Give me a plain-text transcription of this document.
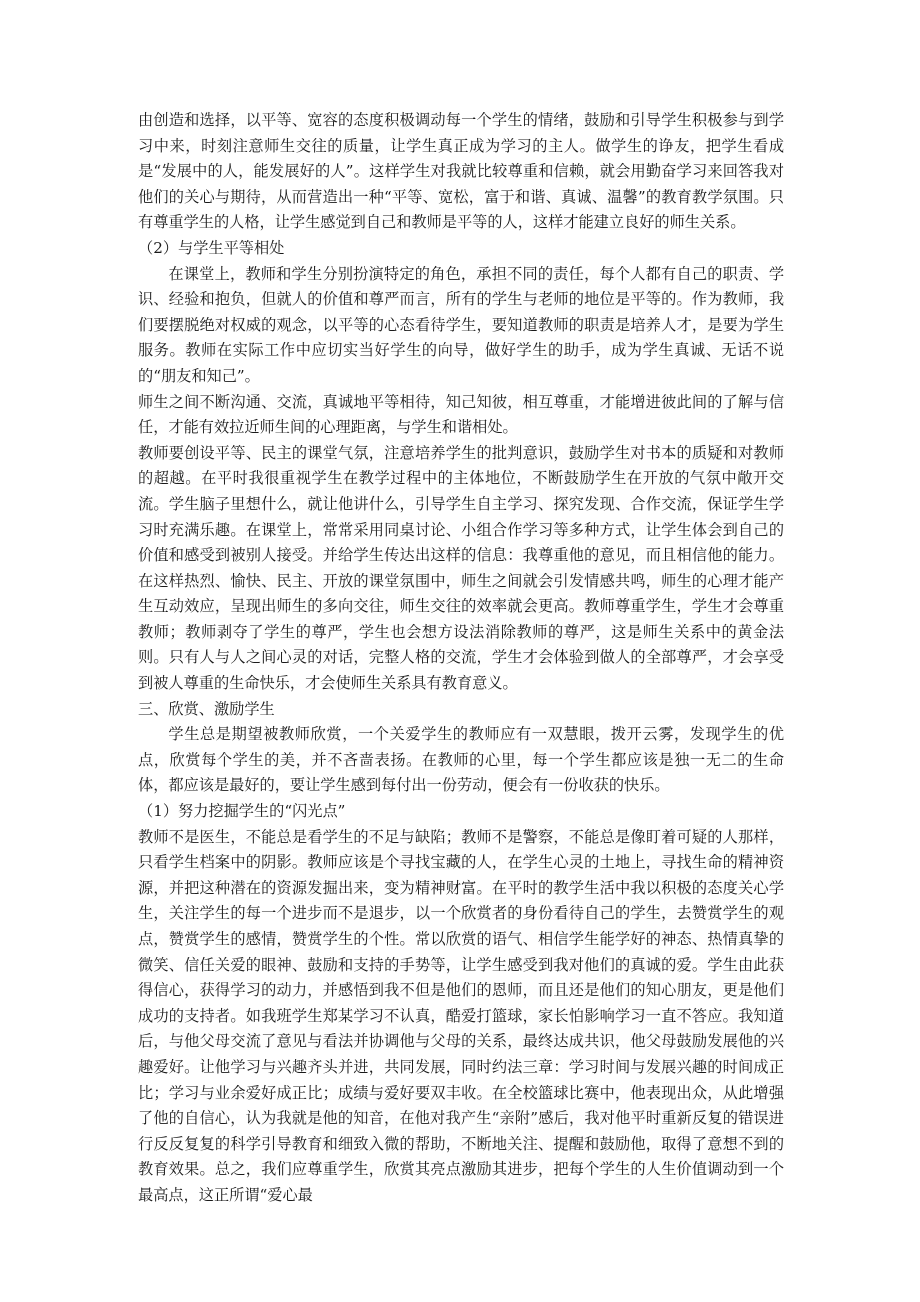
由创造和选择，以平等、宽容的态度积极调动每一个学生的情绪，鼓励和引导学生积极参与到学习中来，时刻注意师生交往的质量，让学生真正成为学习的主人。做学生的诤友，把学生看成是“发展中的人，能发展好的人”。这样学生对我就比较尊重和信赖，就会用勤奋学习来回答我对他们的关心与期待，从而营造出一种“平等、宽松，富于和谐、真诚、温馨”的教育教学氛围。只有尊重学生的人格，让学生感觉到自己和教师是平等的人，这样才能建立良好的师生关系。

（2）与学生平等相处

在课堂上，教师和学生分别扮演特定的角色，承担不同的责任，每个人都有自己的职责、学识、经验和抱负，但就人的价值和尊严而言，所有的学生与老师的地位是平等的。作为教师，我们要摆脱绝对权威的观念，以平等的心态看待学生，要知道教师的职责是培养人才，是要为学生服务。教师在实际工作中应切实当好学生的向导，做好学生的助手，成为学生真诚、无话不说的“朋友和知己”。

师生之间不断沟通、交流，真诚地平等相待，知己知彼，相互尊重，才能增进彼此间的了解与信任，才能有效拉近师生间的心理距离，与学生和谐相处。

教师要创设平等、民主的课堂气氛，注意培养学生的批判意识，鼓励学生对书本的质疑和对教师的超越。在平时我很重视学生在教学过程中的主体地位，不断鼓励学生在开放的气氛中敞开交流。学生脑子里想什么，就让他讲什么，引导学生自主学习、探究发现、合作交流，保证学生学习时充满乐趣。在课堂上，常常采用同桌讨论、小组合作学习等多种方式，让学生体会到自己的价值和感受到被别人接受。并给学生传达出这样的信息：我尊重他的意见，而且相信他的能力。在这样热烈、愉快、民主、开放的课堂氛围中，师生之间就会引发情感共鸣，师生的心理才能产生互动效应，呈现出师生的多向交往，师生交往的效率就会更高。教师尊重学生，学生才会尊重教师；教师剥夺了学生的尊严，学生也会想方设法消除教师的尊严，这是师生关系中的黄金法则。只有人与人之间心灵的对话，完整人格的交流，学生才会体验到做人的全部尊严，才会享受到被人尊重的生命快乐，才会使师生关系具有教育意义。

三、欣赏、激励学生

学生总是期望被教师欣赏，一个关爱学生的教师应有一双慧眼，拨开云雾，发现学生的优点，欣赏每个学生的美，并不吝啬表扬。在教师的心里，每一个学生都应该是独一无二的生命体，都应该是最好的，要让学生感到每付出一份劳动，便会有一份收获的快乐。

（1）努力挖掘学生的“闪光点”

教师不是医生，不能总是看学生的不足与缺陷；教师不是警察，不能总是像盯着可疑的人那样，只看学生档案中的阴影。教师应该是个寻找宝藏的人，在学生心灵的土地上，寻找生命的精神资源，并把这种潜在的资源发掘出来，变为精神财富。在平时的教学生活中我以积极的态度关心学生，关注学生的每一个进步而不是退步，以一个欣赏者的身份看待自己的学生，去赞赏学生的观点，赞赏学生的感情，赞赏学生的个性。常以欣赏的语气、相信学生能学好的神态、热情真挚的微笑、信任关爱的眼神、鼓励和支持的手势等，让学生感受到我对他们的真诚的爱。学生由此获得信心，获得学习的动力，并感悟到我不但是他们的恩师，而且还是他们的知心朋友，更是他们成功的支持者。如我班学生郑某学习不认真，酷爱打篮球，家长怕影响学习一直不答应。我知道后，与他父母交流了意见与看法并协调他与父母的关系，最终达成共识，他父母鼓励发展他的兴趣爱好。让他学习与兴趣齐头并进，共同发展，同时约法三章：学习时间与发展兴趣的时间成正比；学习与业余爱好成正比；成绩与爱好要双丰收。在全校篮球比赛中，他表现出众，从此增强了他的自信心，认为我就是他的知音，在他对我产生“亲附”感后，我对他平时重新反复的错误进行反反复复的科学引导教育和细致入微的帮助，不断地关注、提醒和鼓励他，取得了意想不到的教育效果。总之，我们应尊重学生，欣赏其亮点激励其进步，把每个学生的人生价值调动到一个最高点，这正所谓“爱心最
